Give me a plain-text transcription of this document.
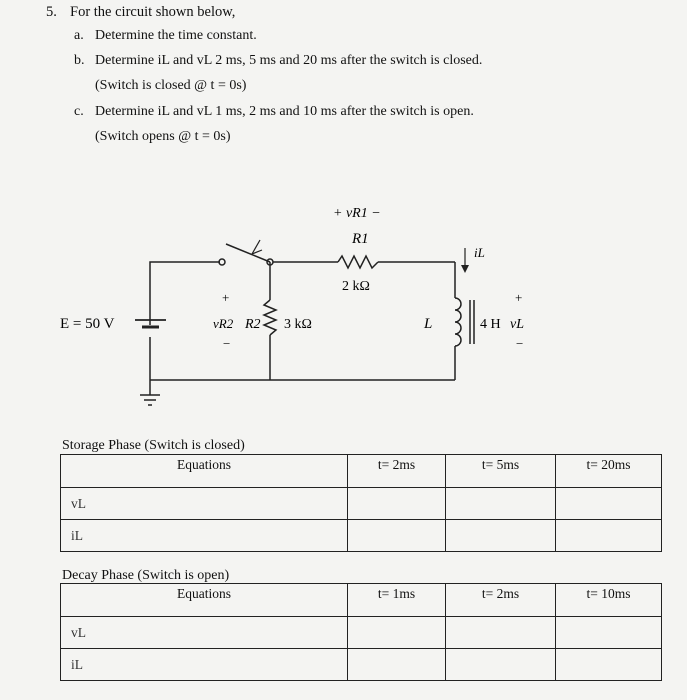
5. For the circuit shown below,
a. Determine the time constant.
b. Determine iL and vL 2 ms, 5 ms and 20 ms after the switch is closed.
(Switch is closed @ t = 0s)
c. Determine iL and vL 1 ms, 2 ms and 10 ms after the switch is open.
(Switch opens @ t = 0s)
E = 50 V
+ vR1 −
R1
2 kΩ
+
vR2
−
R2 3 kΩ
iL
L	4 H
+
vL
−
Storage Phase (Switch is closed)
Equations	t= 2ms	t= 5ms	t= 20ms
vL			
iL			
Decay Phase (Switch is open)
Equations	t= 1ms	t= 2ms	t= 10ms
vL			
iL			
